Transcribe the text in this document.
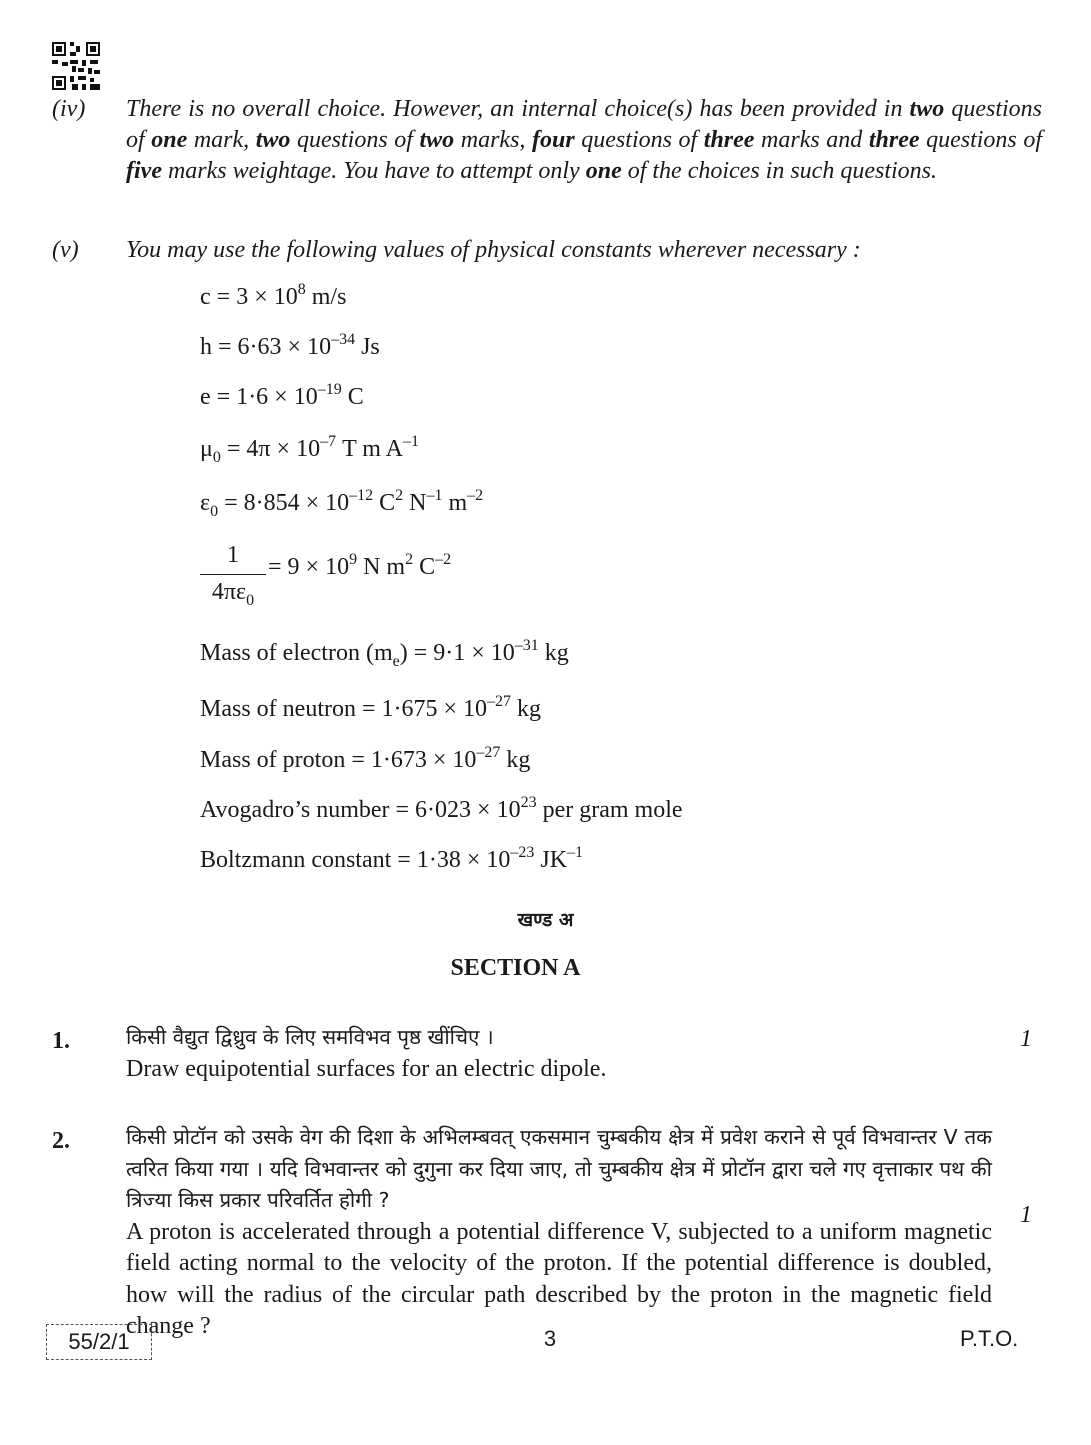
(iv)	There is no overall choice. However, an internal choice(s) has been provided in two questions of one mark, two questions of two marks, four questions of three marks and three questions of five marks weightage. You have to attempt only one of the choices in such questions.
(v)	You may use the following values of physical constants wherever necessary :
$c = 3 \times 10^8$ m/s
$h = 6\cdot 63 \times 10^{-34}$ Js
$e = 1\cdot 6 \times 10^{-19}$ C
$\mu_0 = 4\pi \times 10^{-7}$ T m $A^{-1}$
$\varepsilon_0 = 8\cdot 854 \times 10^{-12}$ $C^2$ $N^{-1}$ $m^{-2}$
1
$4\pi\varepsilon_0$
= $9 \times 10^9$ N $m^2$ $C^{-2}$
Mass of electron $(m_e) = 9\cdot 1 \times 10^{-31}$ kg
Mass of neutron = $1\cdot 675 \times 10^{-27}$ kg
Mass of proton = $1\cdot 673 \times 10^{-27}$ kg
Avogadro’s number = $6\cdot 023 \times 10^{23}$ per gram mole
Boltzmann constant = $1\cdot 38 \times 10^{-23}$ $JK^{-1}$
खण्ड अ
SECTION A
1.	किसी वैद्युत द्विध्रुव के लिए समविभव पृष्ठ खींचिए ।
Draw equipotential surfaces for an electric dipole.
1
2.	किसी प्रोटॉन को उसके वेग की दिशा के अभिलम्बवत् एकसमान चुम्बकीय क्षेत्र में प्रवेश कराने से पूर्व विभवान्तर V तक त्वरित किया गया । यदि विभवान्तर को दुगुना कर दिया जाए, तो चुम्बकीय क्षेत्र में प्रोटॉन द्वारा चले गए वृत्ताकार पथ की त्रिज्या किस प्रकार परिवर्तित होगी ?
A proton is accelerated through a potential difference V, subjected to a uniform magnetic field acting normal to the velocity of the proton. If the potential difference is doubled, how will the radius of the circular path described by the proton in the magnetic field change ?
1
55/2/1	3	P.T.O.
